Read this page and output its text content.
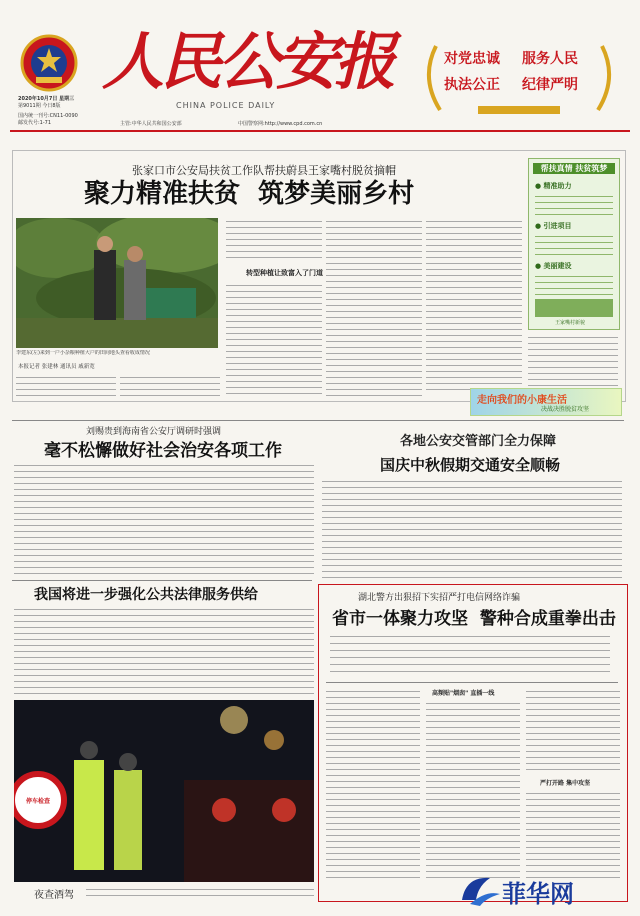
2020年10月7日 星期三
第9011期 今日8版
国内统一刊号:CN11-0090
邮发代号:1-71
人民公安报
CHINA POLICE DAILY
主管:中华人民共和国公安部	中国警察网:http://www.cpd.com.cn
对党忠诚 服务人民
执法公正 纪律严明
张家口市公安局扶贫工作队帮扶蔚县王家嘴村脱贫摘帽
聚力精准扶贫  筑梦美丽乡村
李建东(左)来到一户小杂粮种植大户的田间地头查看收成情况
本报记者 张建林 通讯员 戚新宽
转型种植让致富入了门道
帮扶真情 扶贫筑梦
● 精准助力
● 引进项目
● 美丽建设
王家嘴村新貌
走向我们的小康生活
决战决胜脱贫攻坚
刘赐贵到海南省公安厅调研时强调
毫不松懈做好社会治安各项工作	各地公安交管部门全力保障
国庆中秋假期交通安全顺畅
我国将进一步强化公共法律服务供给
停车检查
夜查酒驾
湖北警方出狠招下实招严打电信网络诈骗
省市一体聚力攻坚  警种合成重拳出击
高频贴"烟囱" 直插一线
严打开路 集中攻坚
菲华网
